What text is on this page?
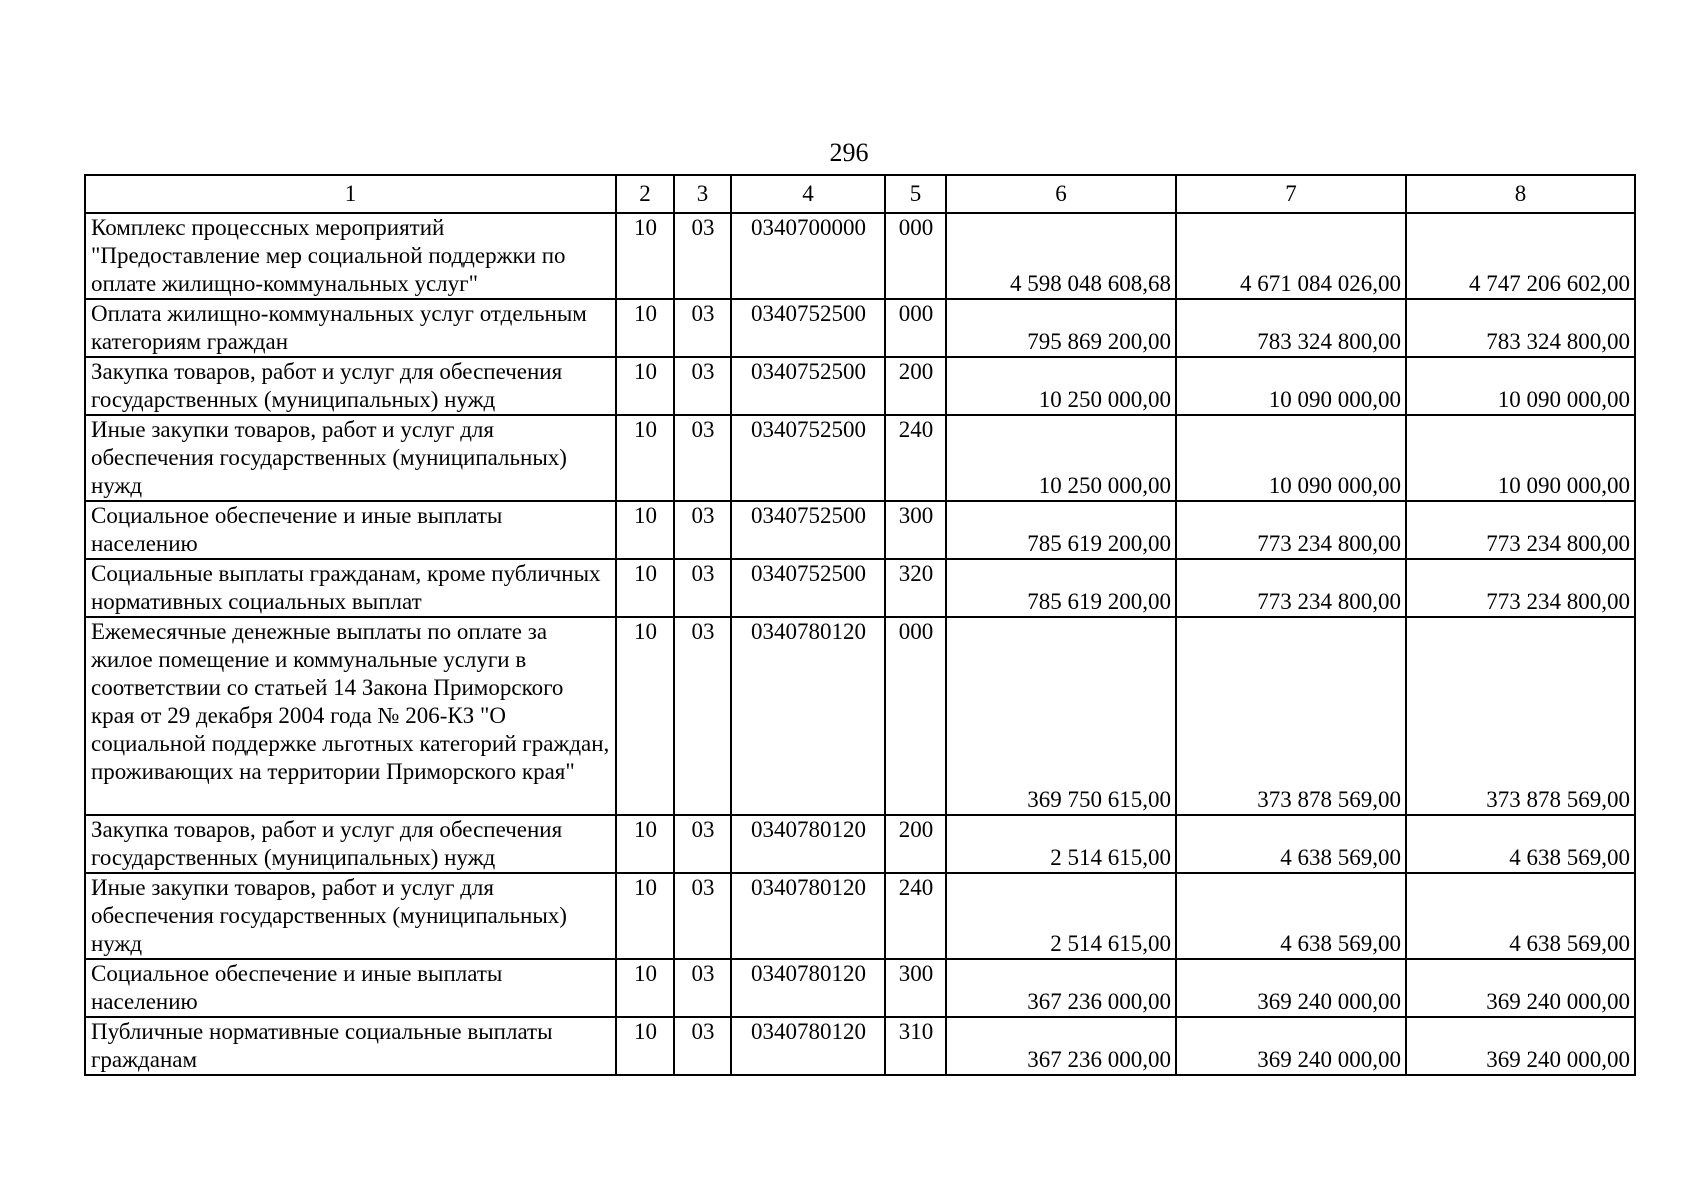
296
1	2	3	4	5	6	7	8
Комплекс процессных мероприятий "Предоставление мер социальной поддержки по оплате жилищно-коммунальных услуг"	10	03	0340700000	000	4 598 048 608,68	4 671 084 026,00	4 747 206 602,00
Оплата жилищно-коммунальных услуг отдельным категориям граждан	10	03	0340752500	000	795 869 200,00	783 324 800,00	783 324 800,00
Закупка товаров, работ и услуг для обеспечения государственных (муниципальных) нужд	10	03	0340752500	200	10 250 000,00	10 090 000,00	10 090 000,00
Иные закупки товаров, работ и услуг для обеспечения государственных (муниципальных) нужд	10	03	0340752500	240	10 250 000,00	10 090 000,00	10 090 000,00
Социальное обеспечение и иные выплаты населению	10	03	0340752500	300	785 619 200,00	773 234 800,00	773 234 800,00
Социальные выплаты гражданам, кроме публичных нормативных социальных выплат	10	03	0340752500	320	785 619 200,00	773 234 800,00	773 234 800,00
Ежемесячные денежные выплаты по оплате за жилое помещение и коммунальные услуги в соответствии со статьей 14 Закона Приморского края от 29 декабря 2004 года № 206-КЗ "О социальной поддержке льготных категорий граждан, проживающих на территории Приморского края"	10	03	0340780120	000	369 750 615,00	373 878 569,00	373 878 569,00
Закупка товаров, работ и услуг для обеспечения государственных (муниципальных) нужд	10	03	0340780120	200	2 514 615,00	4 638 569,00	4 638 569,00
Иные закупки товаров, работ и услуг для обеспечения государственных (муниципальных) нужд	10	03	0340780120	240	2 514 615,00	4 638 569,00	4 638 569,00
Социальное обеспечение и иные выплаты населению	10	03	0340780120	300	367 236 000,00	369 240 000,00	369 240 000,00
Публичные нормативные социальные выплаты гражданам	10	03	0340780120	310	367 236 000,00	369 240 000,00	369 240 000,00
